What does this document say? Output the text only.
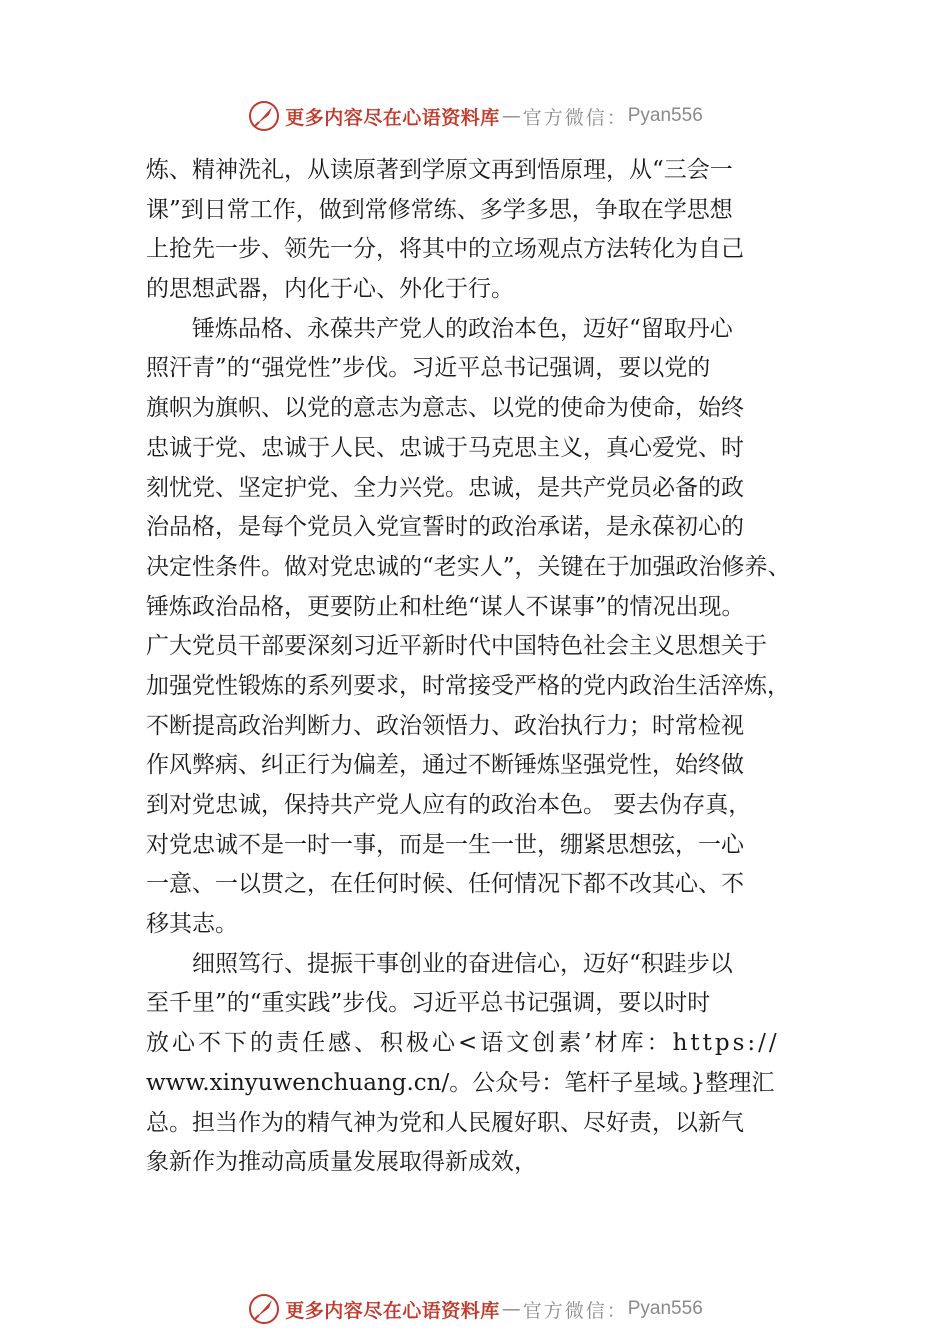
更多内容尽在心语资料库 — 官方微信： Pyan556
炼、精神洗礼，从读原著到学原文再到悟原理，从“三会一
课”到日常工作，做到常修常练、多学多思，争取在学思想
上抢先一步、领先一分，将其中的立场观点方法转化为自己
的思想武器，内化于心、外化于行。
锤炼品格、永葆共产党人的政治本色，迈好“留取丹心
照汗青”的“强党性”步伐。习近平总书记强调，要以党的
旗帜为旗帜、以党的意志为意志、以党的使命为使命，始终
忠诚于党、忠诚于人民、忠诚于马克思主义，真心爱党、时
刻忧党、坚定护党、全力兴党。忠诚，是共产党员必备的政
治品格，是每个党员入党宣誓时的政治承诺，是永葆初心的
决定性条件。做对党忠诚的“老实人”，关键在于加强政治修养、
锤炼政治品格，更要防止和杜绝“谋人不谋事”的情况出现。
广大党员干部要深刻习近平新时代中国特色社会主义思想关于
加强党性锻炼的系列要求，时常接受严格的党内政治生活淬炼，
不断提高政治判断力、政治领悟力、政治执行力；时常检视
作风弊病、纠正行为偏差，通过不断锤炼坚强党性，始终做
到对党忠诚，保持共产党人应有的政治本色。 要去伪存真，
对党忠诚不是一时一事，而是一生一世，绷紧思想弦，一心
一意、一以贯之，在任何时候、任何情况下都不改其心、不
移其志。
细照笃行、提振干事创业的奋进信心，迈好“积跬步以
至千里”的“重实践”步伐。习近平总书记强调，要以时时
放心不下的责任感、积极心<语文创素’材库：https://
www.xinyuwenchuang.cn/。公众号：笔杆子星域。}整理汇
总。担当作为的精气神为党和人民履好职、尽好责，以新气
象新作为推动高质量发展取得新成效，
更多内容尽在心语资料库 — 官方微信： Pyan556
